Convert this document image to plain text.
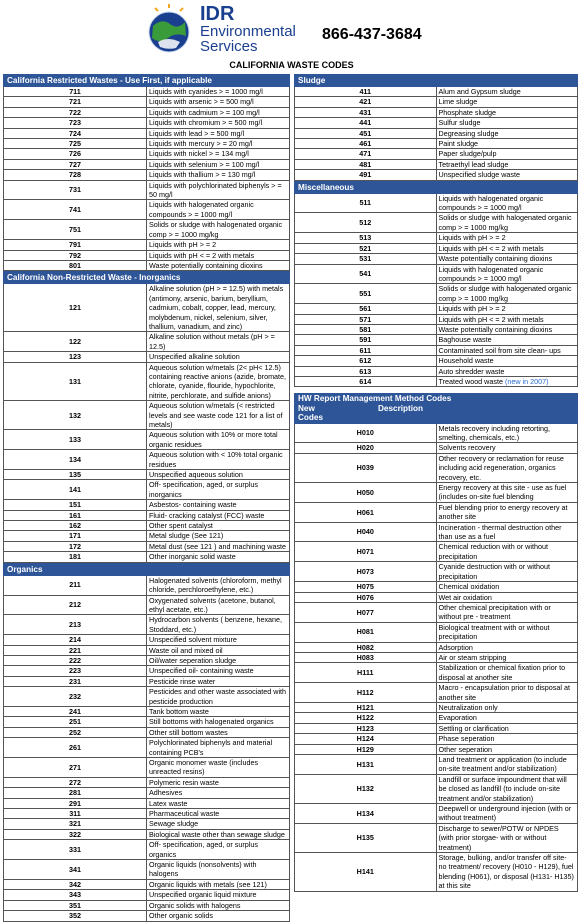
IDR
Environmental
Services
866-437-3684
CALIFORNIA WASTE CODES
California Restricted Wastes - Use First, if applicable	
711	Liquids with cyanides > = 1000 mg/l
721	Liquids with arsenic > = 500 mg/l
722	Liquids with cadmium > = 100 mg/l
723	Liquids with chromium > = 500 mg/l
724	Liquids with lead > = 500 mg/l
725	Liquids with mercury > = 20 mg/l
726	Liquids with nickel > = 134 mg/l
727	Liquids with selenium > = 100 mg/l
728	Liquids with thallium > = 130 mg/l
731	Liquids with polychlorinated biphenyls > = 50 mg/l
741	Liquids with halogenated organic compounds > = 1000 mg/l
751	Solids or sludge with halogenated organic comp > = 1000 mg/kg
791	Liquids with pH > = 2
792	Liquids with pH < = 2 with metals
801	Waste potentially containing dioxins
California Non-Restricted Waste - Inorganics	
121	Alkaline solution (pH > = 12.5) with metals (antimony, arsenic, barium, beryllium, cadmium, cobalt, copper, lead, mercury, molybdenum, nickel, selenium, silver, thallium, vanadium, and zinc)
122	Alkaline solution without metals (pH > = 12.5)
123	Unspecified alkaline solution
131	Aqueous solution w/metals (2< pH< 12.5) containing reactive anions (azide, bromate, chlorate, cyanide, flouride, hypochlorite, nitrite, perchlorate, and sulfide anions)
132	Aqueous solution w/metals (< restricted levels and see waste code 121 for a list of metals)
133	Aqueous solution with 10% or more total organic residues
134	Aqueous solution with < 10% total organic residues
135	Unspecified aqueous solution
141	Off- specification, aged, or surplus inorganics
151	Asbestos- containing waste
161	Fluid- cracking catalyst (FCC) waste
162	Other spent catalyst
171	Metal sludge (See 121)
172	Metal dust (see 121 ) and machining waste
181	Other inorganic solid waste
Organics	
211	Halogenated solvents (chloroform, methyl chloride, perchloroethylene, etc.)
212	Oxygenated solvents (acetone, butanol, ethyl acetate, etc.)
213	Hydrocarbon solvents ( benzene, hexane, Stoddard, etc.)
214	Unspecified solvent mixture
221	Waste oil and mixed oil
222	Oil/water seperation sludge
223	Unspecified oil- containing waste
231	Pesticide rinse water
232	Pesticides and other waste associated with pesticide production
241	Tank bottom waste
251	Still bottoms with halogenated organics
252	Other still bottom wastes
261	Polychlorinated biphenyls and material containing PCB's
271	Organic monomer waste (includes unreacted resins)
272	Polymeric resin waste
281	Adhesives
291	Latex waste
311	Pharmaceutical waste
321	Sewage sludge
322	Biological waste other than sewage sludge
331	Off- specification, aged, or surplus organics
341	Organic liquids (nonsolvents) with halogens
342	Organic liquids with metals (see 121)
343	Unspecified organic liquid mixture
351	Organic solids with halogens
352	Other organic solids
Sludge	
411	Alum and Gypsum sludge
421	Lime sludge
431	Phosphate sludge
441	Sulfur sludge
451	Degreasing sludge
461	Paint sludge
471	Paper sludge/pulp
481	Tetraethyl lead sludge
491	Unspecified sludge waste
Miscellaneous	
511	Liquids with halogenated organic compounds > = 1000 mg/l
512	Solids or sludge with halogenated organic comp > = 1000 mg/kg
513	Liquids with pH > = 2
521	Liquids with pH < = 2 with metals
531	Waste potentially containing dioxins
541	Liquids with halogenated organic compounds > = 1000 mg/l
551	Solids or sludge with halogenated organic comp > = 1000 mg/kg
561	Liquids with pH > = 2
571	Liquids with pH < = 2 with metals
581	Waste potentially containing dioxins
591	Baghouse waste
611	Contaminated soil from site clean- ups
612	Household waste
613	Auto shredder waste
614	Treated wood waste (new in 2007)
HW Report Management Method Codes
New Codes
Description	

H010	Metals recovery including retorting, smelting, chemicals, etc.)
H020	Solvents recovery
H039	Other recovery or reclamation for reuse including acid regeneration, organics recovery, etc.
H050	Energy recovery at this site - use as fuel (includes on-site fuel blending
H061	Fuel blending prior to energy recovery at another site
H040	Incineration - thermal destruction other than use as a fuel
H071	Chemical reduction with or without precipitation
H073	Cyanide destruction with or without precipitation
H075	Chemical oxidation
H076	Wet air oxidation
H077	Other chemical precipitation with or without pre - treatment
H081	Biological treatment with or without precipitation
H082	Adsorption
H083	Air or steam stripping
H111	Stabilization or chemical fixation prior to disposal at another site
H112	Macro - encapsulation prior to disposal at another site
H121	Neutralization only
H122	Evaporation
H123	Settling or clarification
H124	Phase seperation
H129	Other seperation
H131	Land treatment or application (to include on-site treatment and/or stabilization)
H132	Landfill or surface impoundment that will be closed as landfill (to include on-site treatment and/or stabilization)
H134	Deepwell or underground injecion (with or without treatment)
H135	Discharge to sewer/POTW or NPDES (with prior storgae- with or without treatment)
H141	Storage, bulking, and/or transfer off site- no treatment/ recovery (H010 - H129), fuel blending (H061), or disposal (H131- H135) at this site
